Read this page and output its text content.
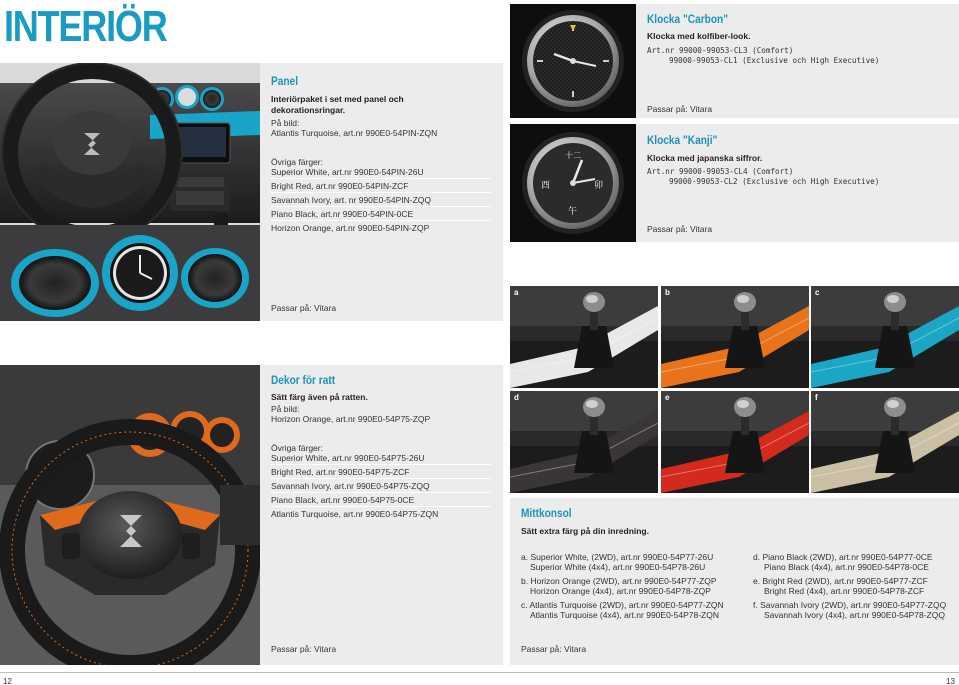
INTERIÖR
Panel
Interiörpaket i set med panel och dekorationsringar.
På bild:
Atlantis Turquoise, art.nr 990E0-54PIN-ZQN
Övriga färger:
Superior White, art.nr 990E0-54PIN-26U
Bright Red, art.nr 990E0-54PIN-ZCF
Savannah Ivory, art. nr 990E0-54PIN-ZQQ
Piano Black, art.nr 990E0-54PIN-0CE
Horizon Orange, art.nr 990E0-54PIN-ZQP
Passar på: Vitara
Dekor för ratt
Sätt färg även på ratten.
På bild:
Horizon Orange, art.nr 990E0-54P75-ZQP
Övriga färger:
Superior White, art.nr 990E0-54P75-26U
Bright Red, art.nr 990E0-54P75-ZCF
Savannah Ivory, art.nr 990E0-54P75-ZQQ
Piano Black, art.nr 990E0-54P75-0CE
Atlantis Turquoise, art.nr 990E0-54P75-ZQN
Passar på: Vitara
12	13
Klocka "Carbon"
Klocka med kolfiber-look.
Art.nr 99000-99053-CL3 (Comfort)
99000-99053-CL1 (Exclusive och High Executive)
Passar på: Vitara
十二
卯
午
酉
Klocka "Kanji"
Klocka med japanska siffror.
Art.nr 99000-99053-CL4 (Comfort)
99000-99053-CL2 (Exclusive och High Executive)
Passar på: Vitara
a	b	c
d	e	f
Mittkonsol
Sätt extra färg på din inredning.
a. Superior White, (2WD), art.nr 990E0-54P77-26U
Superior White (4x4), art.nr 990E0-54P78-26U
b. Horizon Orange (2WD), art.nr 990E0-54P77-ZQP
Horizon Orange (4x4), art.nr 990E0-54P78-ZQP
c. Atlantis Turquoise (2WD), art.nr 990E0-54P77-ZQN
Atlantis Turquoise (4x4), art.nr 990E0-54P78-ZQN
d. Piano Black (2WD), art.nr 990E0-54P77-0CE
Piano Black (4x4), art.nr 990E0-54P78-0CE
e. Bright Red (2WD), art.nr 990E0-54P77-ZCF
Bright Red (4x4), art.nr 990E0-54P78-ZCF
f. Savannah Ivory (2WD), art.nr 990E0-54P77-ZQQ
Savannah Ivory (4x4), art.nr 990E0-54P78-ZQQ
Passar på: Vitara
